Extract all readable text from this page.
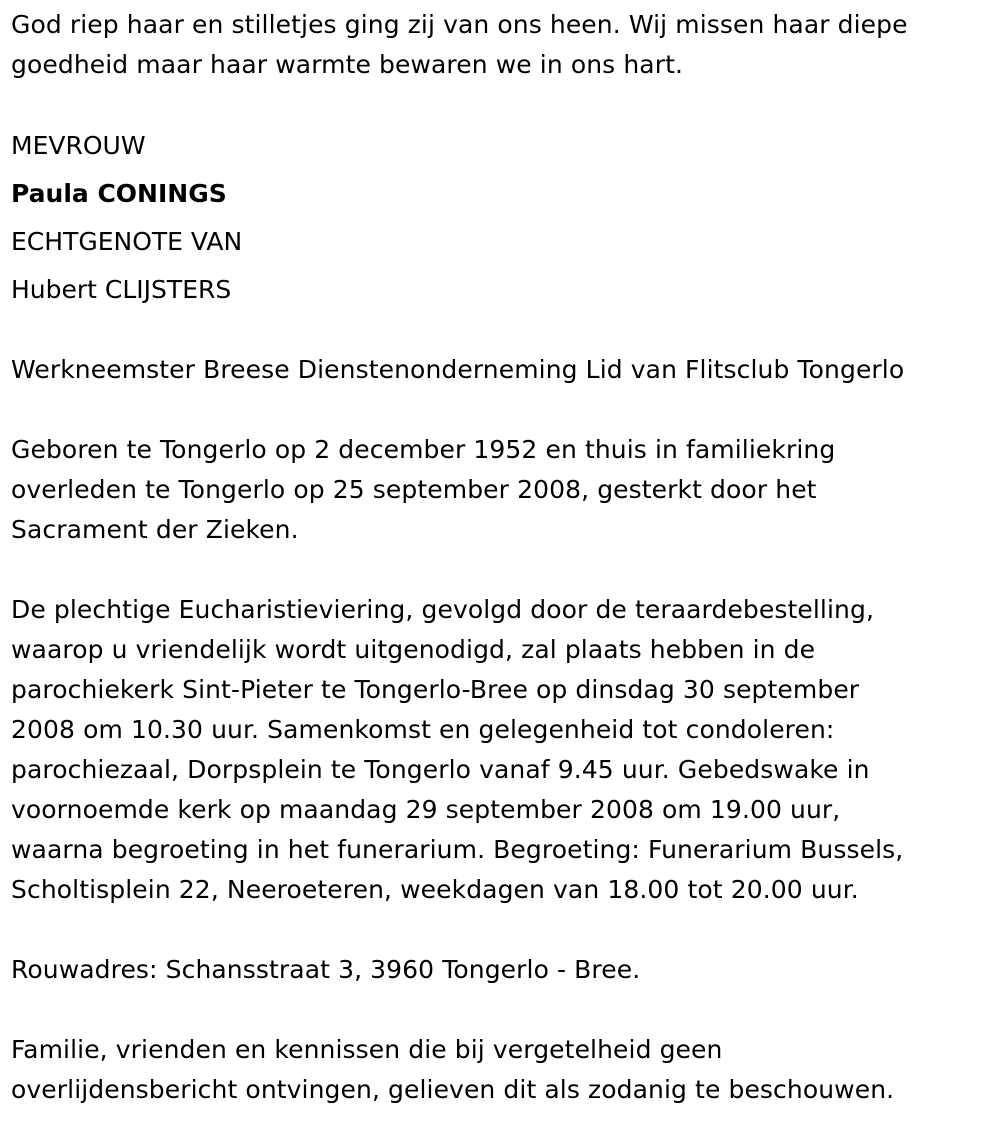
God riep haar en stilletjes ging zij van ons heen. Wij missen haar diepe
goedheid maar haar warmte bewaren we in ons hart.

MEVROUW

Paula CONINGS

ECHTGENOTE VAN

Hubert CLIJSTERS

Werkneemster Breese Dienstenonderneming Lid van Flitsclub Tongerlo

Geboren te Tongerlo op 2 december 1952 en thuis in familiekring
overleden te Tongerlo op 25 september 2008, gesterkt door het
Sacrament der Zieken.

De plechtige Eucharistieviering, gevolgd door de teraardebestelling,
waarop u vriendelijk wordt uitgenodigd, zal plaats hebben in de
parochiekerk Sint-Pieter te Tongerlo-Bree op dinsdag 30 september
2008 om 10.30 uur. Samenkomst en gelegenheid tot condoleren:
parochiezaal, Dorpsplein te Tongerlo vanaf 9.45 uur. Gebedswake in
voornoemde kerk op maandag 29 september 2008 om 19.00 uur,
waarna begroeting in het funerarium. Begroeting: Funerarium Bussels,
Scholtisplein 22, Neeroeteren, weekdagen van 18.00 tot 20.00 uur.

Rouwadres: Schansstraat 3, 3960 Tongerlo - Bree.

Familie, vrienden en kennissen die bij vergetelheid geen
overlijdensbericht ontvingen, gelieven dit als zodanig te beschouwen.
